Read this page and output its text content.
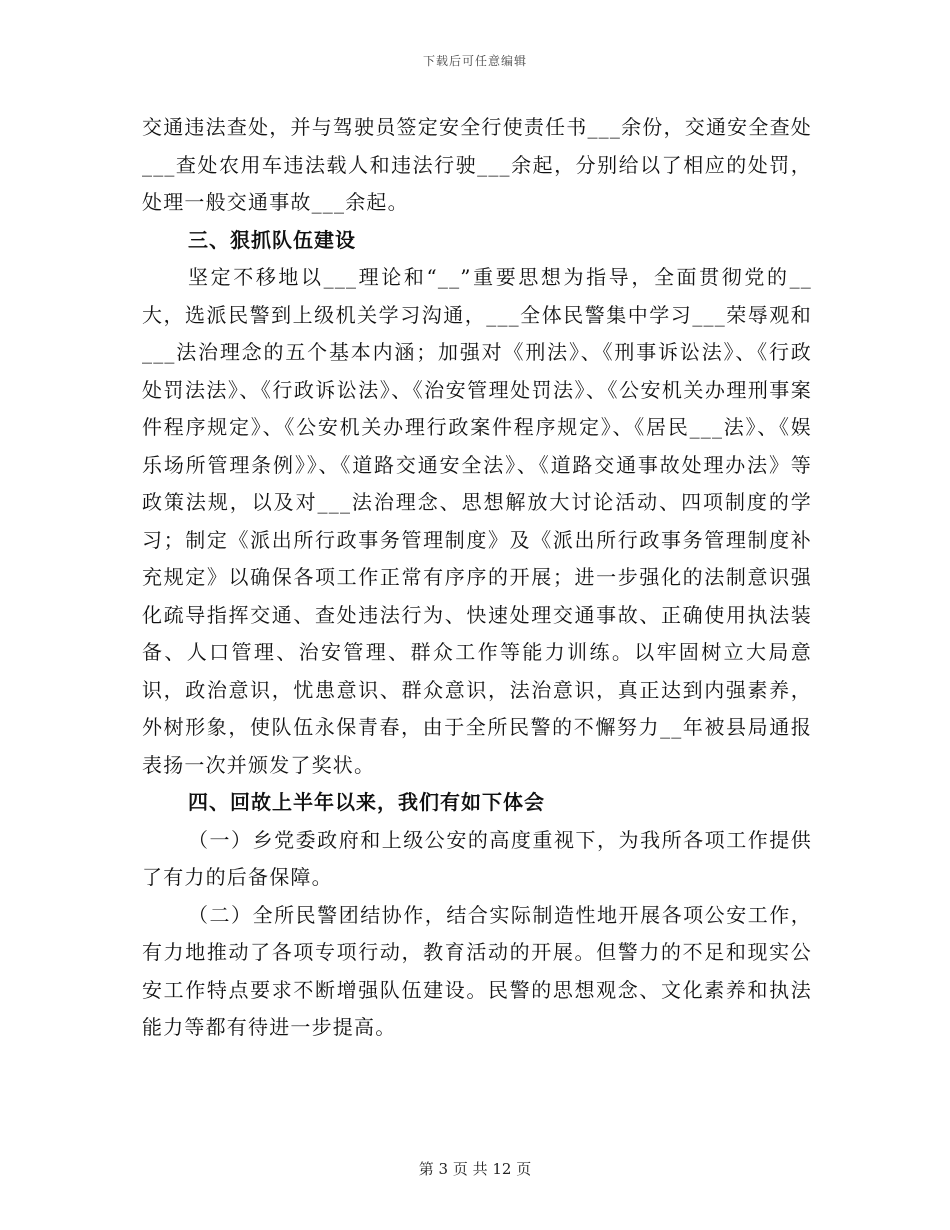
下载后可任意编辑

交通违法查处，并与驾驶员签定安全行使责任书___余份，交通安全查处___查处农用车违法载人和违法行驶___余起，分别给以了相应的处罚，处理一般交通事故___余起。

三、狠抓队伍建设

坚定不移地以___理论和“__”重要思想为指导，全面贯彻党的__大，选派民警到上级机关学习沟通，___全体民警集中学习___荣辱观和___法治理念的五个基本内涵；加强对《刑法》、《刑事诉讼法》、《行政处罚法法》、《行政诉讼法》、《治安管理处罚法》、《公安机关办理刑事案件程序规定》、《公安机关办理行政案件程序规定》、《居民___法》、《娱乐场所管理条例》》、《道路交通安全法》、《道路交通事故处理办法》等政策法规，以及对___法治理念、思想解放大讨论活动、四项制度的学习；制定《派出所行政事务管理制度》及《派出所行政事务管理制度补充规定》以确保各项工作正常有序序的开展；进一步强化的法制意识强化疏导指挥交通、查处违法行为、快速处理交通事故、正确使用执法装备、人口管理、治安管理、群众工作等能力训练。以牢固树立大局意识，政治意识，忧患意识、群众意识，法治意识，真正达到内强素养，外树形象，使队伍永保青春，由于全所民警的不懈努力__年被县局通报表扬一次并颁发了奖状。

四、回故上半年以来，我们有如下体会

（一）乡党委政府和上级公安的高度重视下，为我所各项工作提供了有力的后备保障。

（二）全所民警团结协作，结合实际制造性地开展各项公安工作，有力地推动了各项专项行动，教育活动的开展。但警力的不足和现实公安工作特点要求不断增强队伍建设。民警的思想观念、文化素养和执法能力等都有待进一步提高。

第 3 页 共 12 页
